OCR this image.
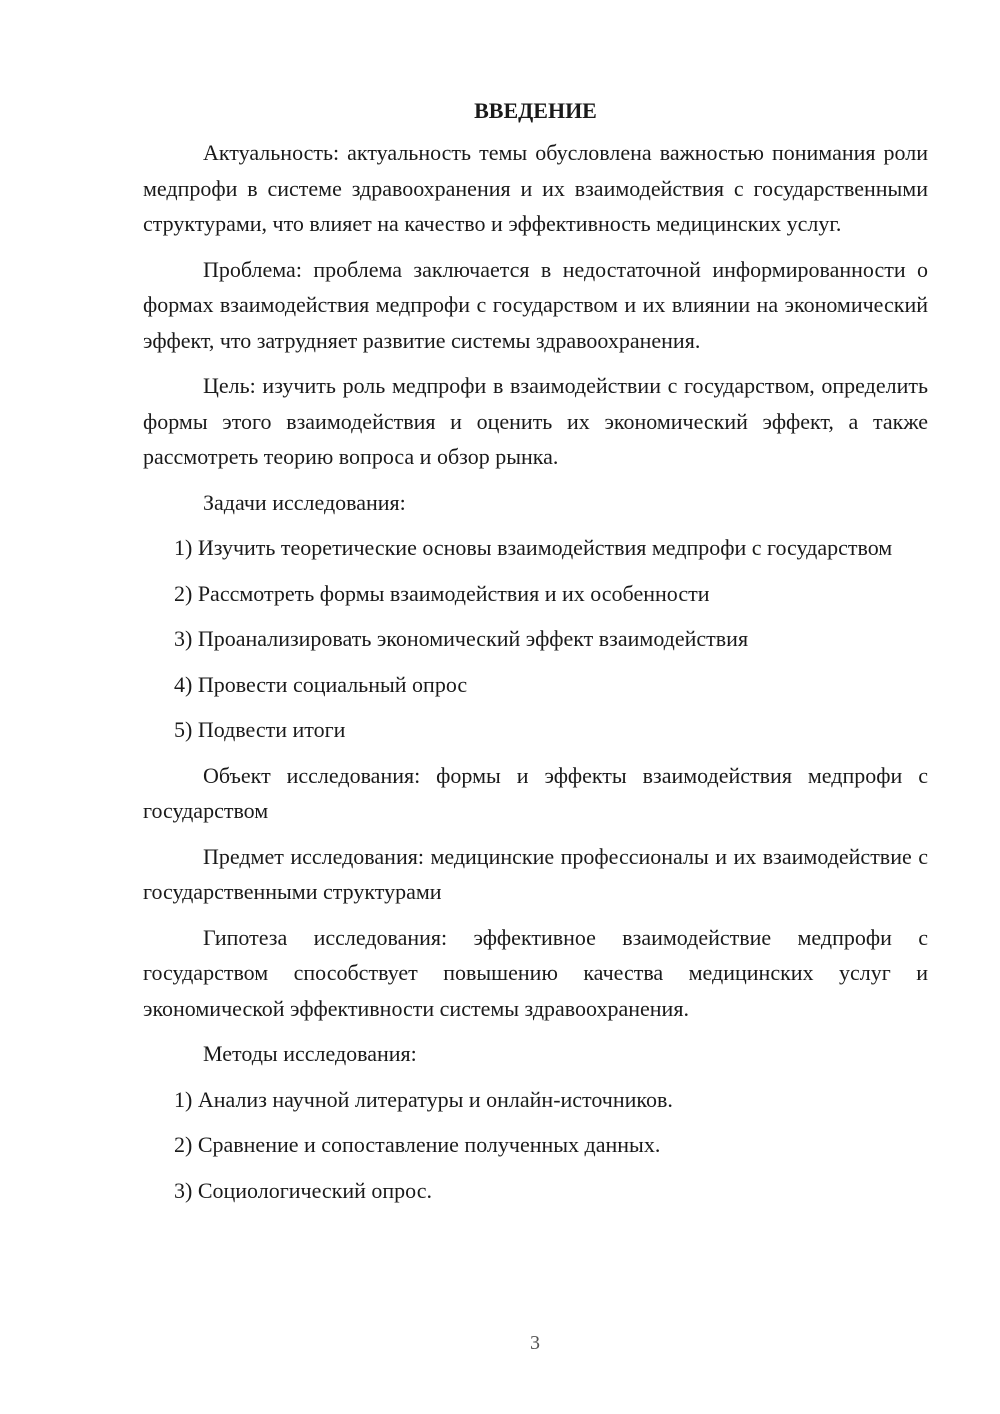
ВВЕДЕНИЕ

Актуальность: актуальность темы обусловлена важностью понимания роли медпрофи в системе здравоохранения и их взаимодействия с государственными структурами, что влияет на качество и эффективность медицинских услуг.

Проблема: проблема заключается в недостаточной информированности о формах взаимодействия медпрофи с государством и их влиянии на экономический эффект, что затрудняет развитие системы здравоохранения.

Цель: изучить роль медпрофи в взаимодействии с государством, определить формы этого взаимодействия и оценить их экономический эффект, а также рассмотреть теорию вопроса и обзор рынка.

Задачи исследования:

1) Изучить теоретические основы взаимодействия медпрофи с государством

2) Рассмотреть формы взаимодействия и их особенности

3) Проанализировать экономический эффект взаимодействия

4) Провести социальный опрос

5) Подвести итоги

Объект исследования: формы и эффекты взаимодействия медпрофи с государством

Предмет исследования: медицинские профессионалы и их взаимодействие с государственными структурами

Гипотеза исследования: эффективное взаимодействие медпрофи с государством способствует повышению качества медицинских услуг и экономической эффективности системы здравоохранения.

Методы исследования:

1) Анализ научной литературы и онлайн-источников.

2) Сравнение и сопоставление полученных данных.

3) Социологический опрос.

3
